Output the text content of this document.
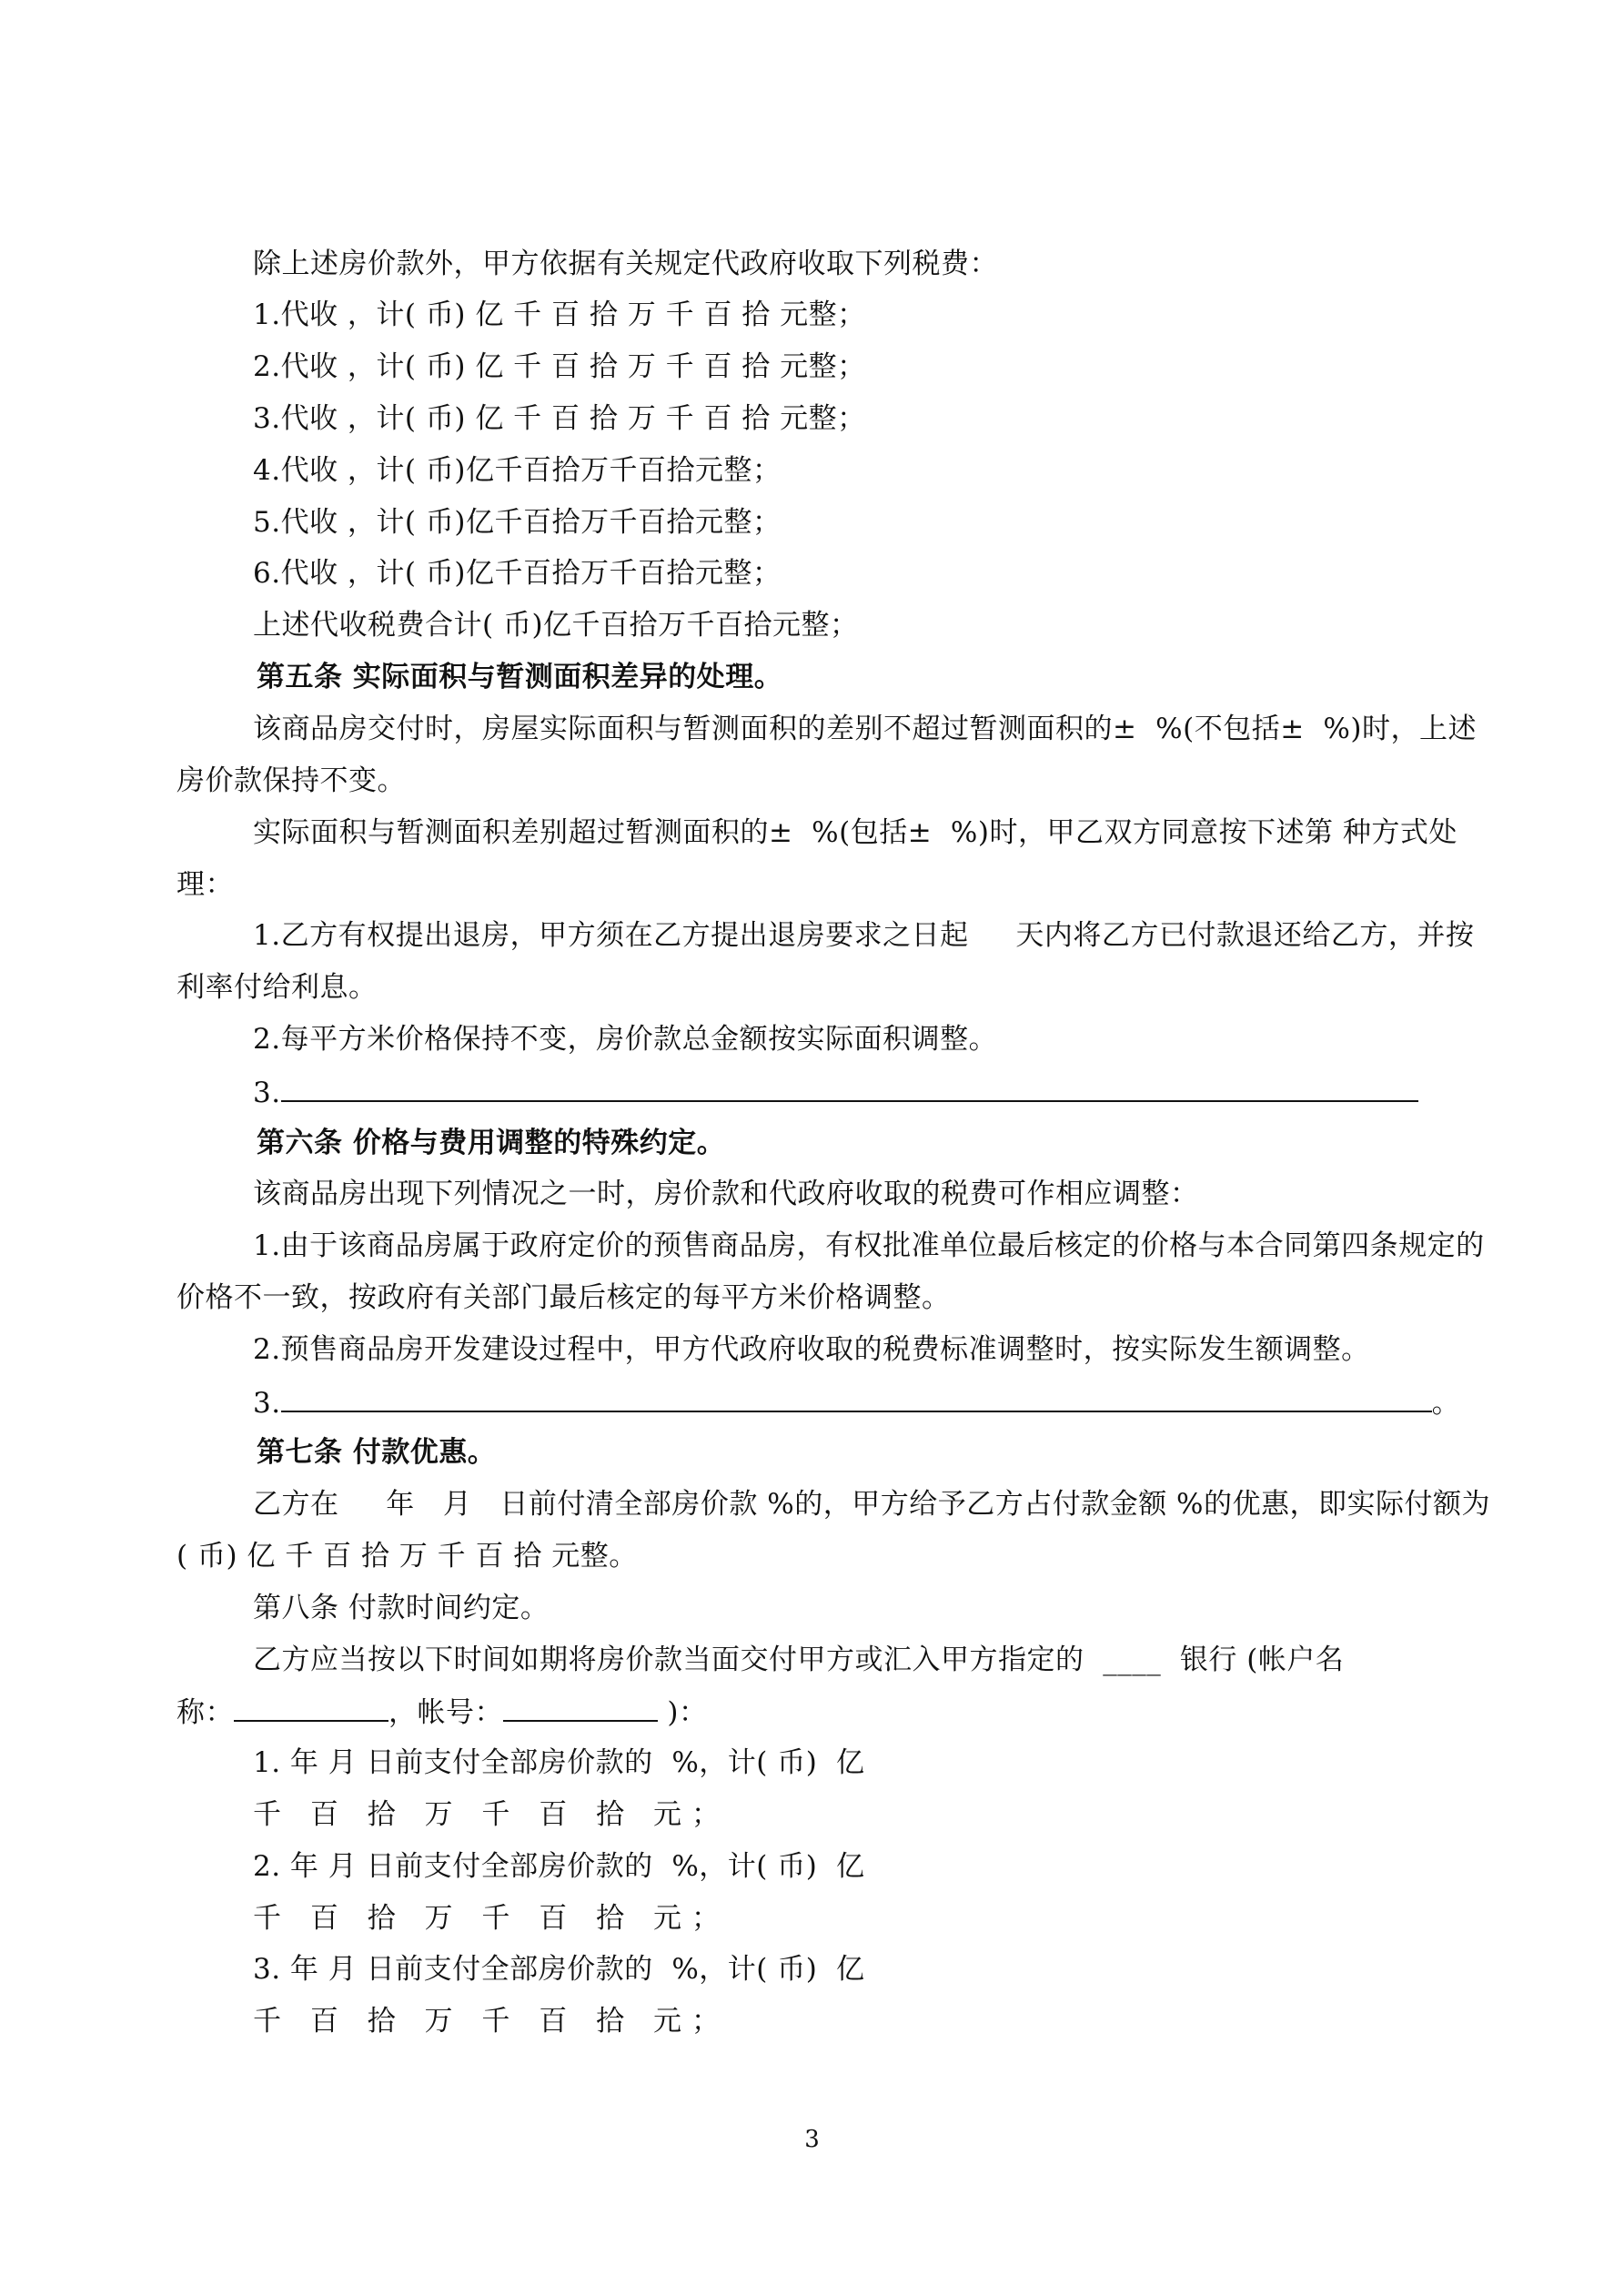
除上述房价款外，甲方依据有关规定代政府收取下列税费：
1.代收 ，计( 币) 亿 千 百 拾 万 千 百 拾 元整；
2.代收 ，计( 币) 亿 千 百 拾 万 千 百 拾 元整；
3.代收 ，计( 币) 亿 千 百 拾 万 千 百 拾 元整；
4.代收 ，计( 币)亿千百拾万千百拾元整；
5.代收 ，计( 币)亿千百拾万千百拾元整；
6.代收 ，计( 币)亿千百拾万千百拾元整；
上述代收税费合计( 币)亿千百拾万千百拾元整；
第五条 实际面积与暂测面积差异的处理。
该商品房交付时，房屋实际面积与暂测面积的差别不超过暂测面积的±  %(不包括±  %)时，上述
房价款保持不变。
实际面积与暂测面积差别超过暂测面积的±  %(包括±  %)时，甲乙双方同意按下述第 种方式处
理：
1.乙方有权提出退房，甲方须在乙方提出退房要求之日起     天内将乙方已付款退还给乙方，并按
利率付给利息。
2.每平方米价格保持不变，房价款总金额按实际面积调整。
3.
第六条 价格与费用调整的特殊约定。
该商品房出现下列情况之一时，房价款和代政府收取的税费可作相应调整：
1.由于该商品房属于政府定价的预售商品房，有权批准单位最后核定的价格与本合同第四条规定的
价格不一致，按政府有关部门最后核定的每平方米价格调整。
2.预售商品房开发建设过程中，甲方代政府收取的税费标准调整时，按实际发生额调整。
3.	。
第七条 付款优惠。
乙方在     年   月   日前付清全部房价款 %的，甲方给予乙方占付款金额 %的优惠，即实际付额为
( 币) 亿 千 百 拾 万 千 百 拾 元整。
第八条 付款时间约定。
乙方应当按以下时间如期将房价款当面交付甲方或汇入甲方指定的  ____  银行 (帐户名
称：	，帐号：	)：
1. 年 月 日前支付全部房价款的  %，计( 币)  亿
千 百 拾 万 千 百 拾 元；
2. 年 月 日前支付全部房价款的  %，计( 币)  亿
千 百 拾 万 千 百 拾 元；
3. 年 月 日前支付全部房价款的  %，计( 币)  亿
千 百 拾 万 千 百 拾 元；
3
